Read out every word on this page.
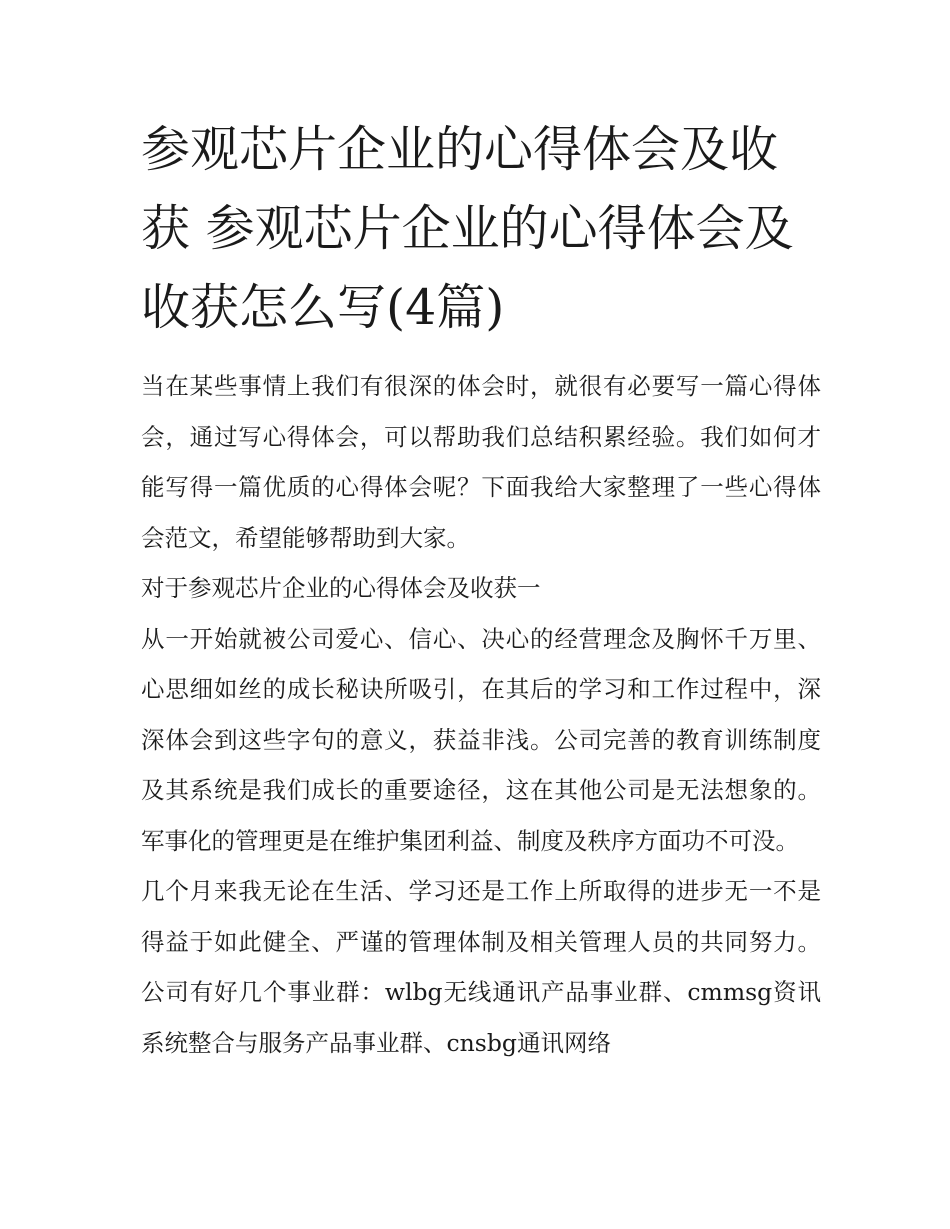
参观芯片企业的心得体会及收获 参观芯片企业的心得体会及收获怎么写(4篇)

当在某些事情上我们有很深的体会时，就很有必要写一篇心得体会，通过写心得体会，可以帮助我们总结积累经验。我们如何才能写得一篇优质的心得体会呢？下面我给大家整理了一些心得体会范文，希望能够帮助到大家。

对于参观芯片企业的心得体会及收获一

从一开始就被公司爱心、信心、决心的经营理念及胸怀千万里、心思细如丝的成长秘诀所吸引，在其后的学习和工作过程中，深深体会到这些字句的意义，获益非浅。公司完善的教育训练制度及其系统是我们成长的重要途径，这在其他公司是无法想象的。军事化的管理更是在维护集团利益、制度及秩序方面功不可没。

几个月来我无论在生活、学习还是工作上所取得的进步无一不是得益于如此健全、严谨的管理体制及相关管理人员的共同努力。公司有好几个事业群：wlbg无线通讯产品事业群、cmmsg资讯系统整合与服务产品事业群、cnsbg通讯网络
